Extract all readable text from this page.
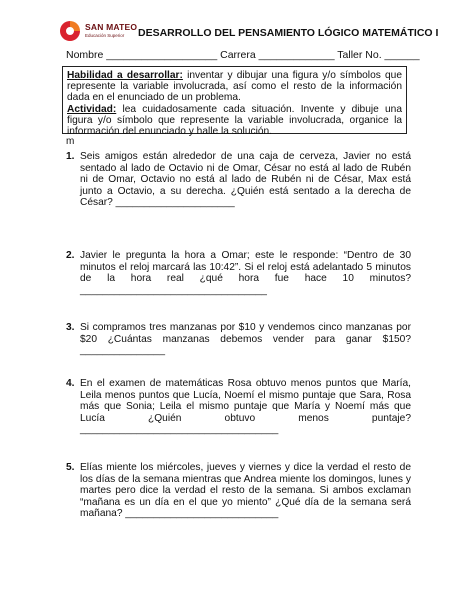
SAN MATEO
Educación Superior DESARROLLO DEL PENSAMIENTO LÓGICO MATEMÁTICO I
Nombre ___________________ Carrera _____________ Taller No. ______
Habilidad a desarrollar: inventar y dibujar una figura y/o símbolos que represente la variable involucrada, así como el resto de la información dada en el enunciado de un problema.
Actividad: lea cuidadosamente cada situación. Invente y dibuje una figura y/o símbolo que represente la variable involucrada, organice la información del enunciado y halle la solución.
m
1. Seis amigos están alrededor de una caja de cerveza, Javier no está sentado al lado de Octavio ni de Omar, César no está al lado de Rubén ni de Omar, Octavio no está al lado de Rubén ni de César, Max está junto a Octavio, a su derecha. ¿Quién está sentado a la derecha de César? _____________________
2. Javier le pregunta la hora a Omar; este le responde: “Dentro de 30 minutos el reloj marcará las 10:42”. Si el reloj está adelantado 5 minutos de la hora real ¿qué hora fue hace 10 minutos? _________________________________
3. Si compramos tres manzanas por $10 y vendemos cinco manzanas por $20 ¿Cuántas manzanas debemos vender para ganar $150? _______________
4. En el examen de matemáticas Rosa obtuvo menos puntos que María, Leila menos puntos que Lucía, Noemí el mismo puntaje que Sara, Rosa más que Sonia; Leila el mismo puntaje que María y Noemí más que Lucía ¿Quién obtuvo menos puntaje? ___________________________________
5. Elías miente los miércoles, jueves y viernes y dice la verdad el resto de los días de la semana mientras que Andrea miente los domingos, lunes y martes pero dice la verdad el resto de la semana. Si ambos exclaman “mañana es un día en el que yo miento” ¿Qué día de la semana será mañana? ___________________________
